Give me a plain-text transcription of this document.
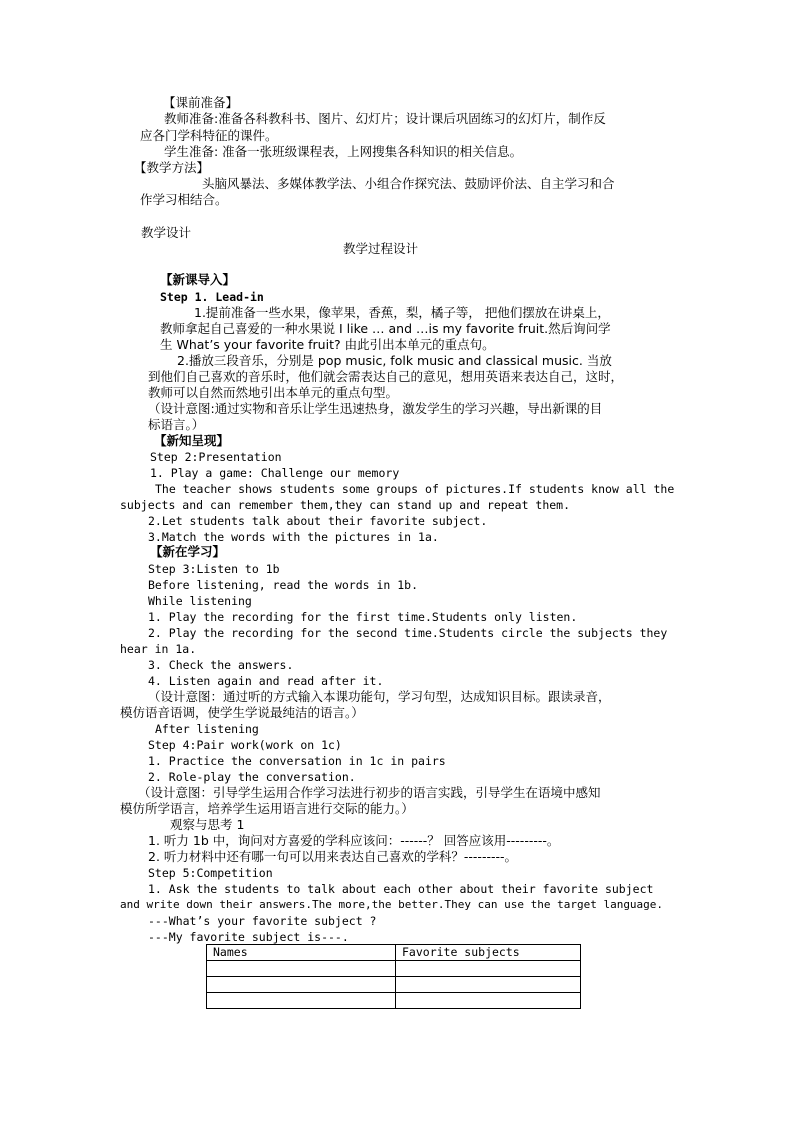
【课前准备】
教师准备:准备各科教科书、图片、幻灯片；设计课后巩固练习的幻灯片，制作反
应各门学科特征的课件。
学生准备: 准备一张班级课程表，上网搜集各科知识的相关信息。
【教学方法】
头脑风暴法、多媒体教学法、小组合作探究法、鼓励评价法、自主学习和合
作学习相结合。
教学设计
教学过程设计
【新课导入】
Step 1. Lead-in
1.提前准备一些水果，像苹果，香蕉，梨，橘子等， 把他们摆放在讲桌上，
教师拿起自己喜爱的一种水果说 I like … and …is my favorite fruit.然后询问学
生 What’s your favorite fruit? 由此引出本单元的重点句。
2.播放三段音乐，分别是 pop music, folk music and classical music. 当放
到他们自己喜欢的音乐时，他们就会需表达自己的意见，想用英语来表达自己，这时，
教师可以自然而然地引出本单元的重点句型。
（设计意图:通过实物和音乐让学生迅速热身，激发学生的学习兴趣，导出新课的目
标语言。）
【新知呈现】
Step 2:Presentation
1. Play a game: Challenge our memory
The teacher shows students some groups of pictures.If students know all the
subjects and can remember them,they can stand up and repeat them.
2.Let students talk about their favorite subject.
3.Match the words with the pictures in 1a.
【新在学习】
Step 3:Listen to 1b
Before listening, read the words in 1b.
While listening
1. Play the recording for the first time.Students only listen.
2. Play the recording for the second time.Students circle the subjects they
hear in 1a.
3. Check the answers.
4. Listen again and read after it.
（设计意图：通过听的方式输入本课功能句，学习句型，达成知识目标。跟读录音，
模仿语音语调，使学生学说最纯洁的语言。）
After listening
Step 4:Pair work(work on 1c)
1. Practice the conversation in 1c in pairs
2. Role-play the conversation.
（设计意图：引导学生运用合作学习法进行初步的语言实践，引导学生在语境中感知
模仿所学语言，培养学生运用语言进行交际的能力。）
观察与思考 1
1. 听力 1b 中，询问对方喜爱的学科应该问：------？ 回答应该用---------。
2. 听力材料中还有哪一句可以用来表达自己喜欢的学科？---------。
Step 5:Competition
1. Ask the students to talk about each other about their favorite subject
and write down their answers.The more,the better.They can use the target language.
---What’s your favorite subject ?
---My favorite subject is---.
Names	Favorite subjects
